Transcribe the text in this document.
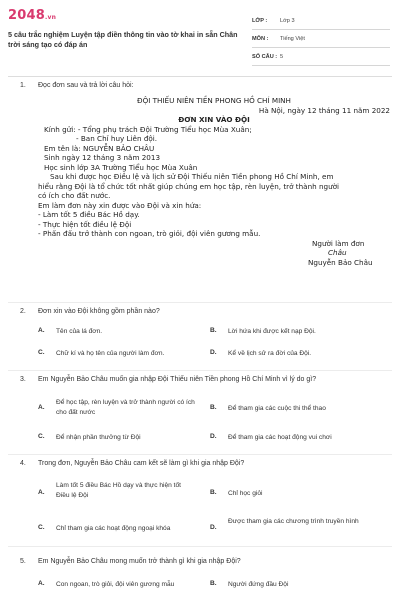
2048.vn
5 câu trắc nghiệm Luyện tập điền thông tin vào tờ khai in sẵn Chân trời sáng tạo có đáp án
LỚP :	Lớp 3
MÔN :	Tiếng Việt
SỐ CÂU : 5
1. Đọc đơn sau và trả lời câu hỏi:
ĐỘI THIẾU NIÊN TIỀN PHONG HỒ CHÍ MINH
Hà Nội, ngày 12 tháng 11 năm 2022
ĐƠN XIN VÀO ĐỘI
Kính gửi: - Tổng phụ trách Đội Trường Tiểu học Mùa Xuân;
- Ban Chỉ huy Liên đội.
Em tên là: NGUYỄN BẢO CHÂU
Sinh ngày 12 tháng 3 năm 2013
Học sinh lớp 3A Trường Tiểu học Mùa Xuân
Sau khi được học Điều lệ và lịch sử Đội Thiếu niên Tiền phong Hồ Chí Minh, em
hiểu rằng Đội là tổ chức tốt nhất giúp chúng em học tập, rèn luyện, trở thành người
có ích cho đất nước.
Em làm đơn này xin được vào Đội và xin hứa:
- Làm tốt 5 điều Bác Hồ dạy.
- Thực hiện tốt điều lệ Đội
- Phấn đấu trở thành con ngoan, trò giỏi, đội viên gương mẫu.
Người làm đơn
Châu
Nguyễn Bảo Châu
2. Đơn xin vào Đội không gồm phần nào?
A. Tên của lá đơn.	B. Lời hứa khi được kết nạp Đội.
C. Chữ kí và họ tên của người làm đơn.	D. Kể về lịch sử ra đời của Đội.
3. Em Nguyễn Bảo Châu muốn gia nhập Đội Thiếu niên Tiền phong Hồ Chí Minh vì lý do gì?
A.
Để học tập, rèn luyện và trở thành người có ích cho đất nước
B. Để tham gia các cuộc thi thể thao
C. Để nhận phần thưởng từ Đội	D. Để tham gia các hoạt động vui chơi
4. Trong đơn, Nguyễn Bảo Châu cam kết sẽ làm gì khi gia nhập Đội?
A.
Làm tốt 5 điều Bác Hồ dạy và thực hiện tốt Điều lệ Đội	B. Chỉ học giỏi
C. Chỉ tham gia các hoạt động ngoại khóa	D.
Được tham gia các chương trình truyền hình
5. Em Nguyễn Bảo Châu mong muốn trở thành gì khi gia nhập Đội?
A. Con ngoan, trò giỏi, đội viên gương mẫu	B. Người đứng đầu Đội
